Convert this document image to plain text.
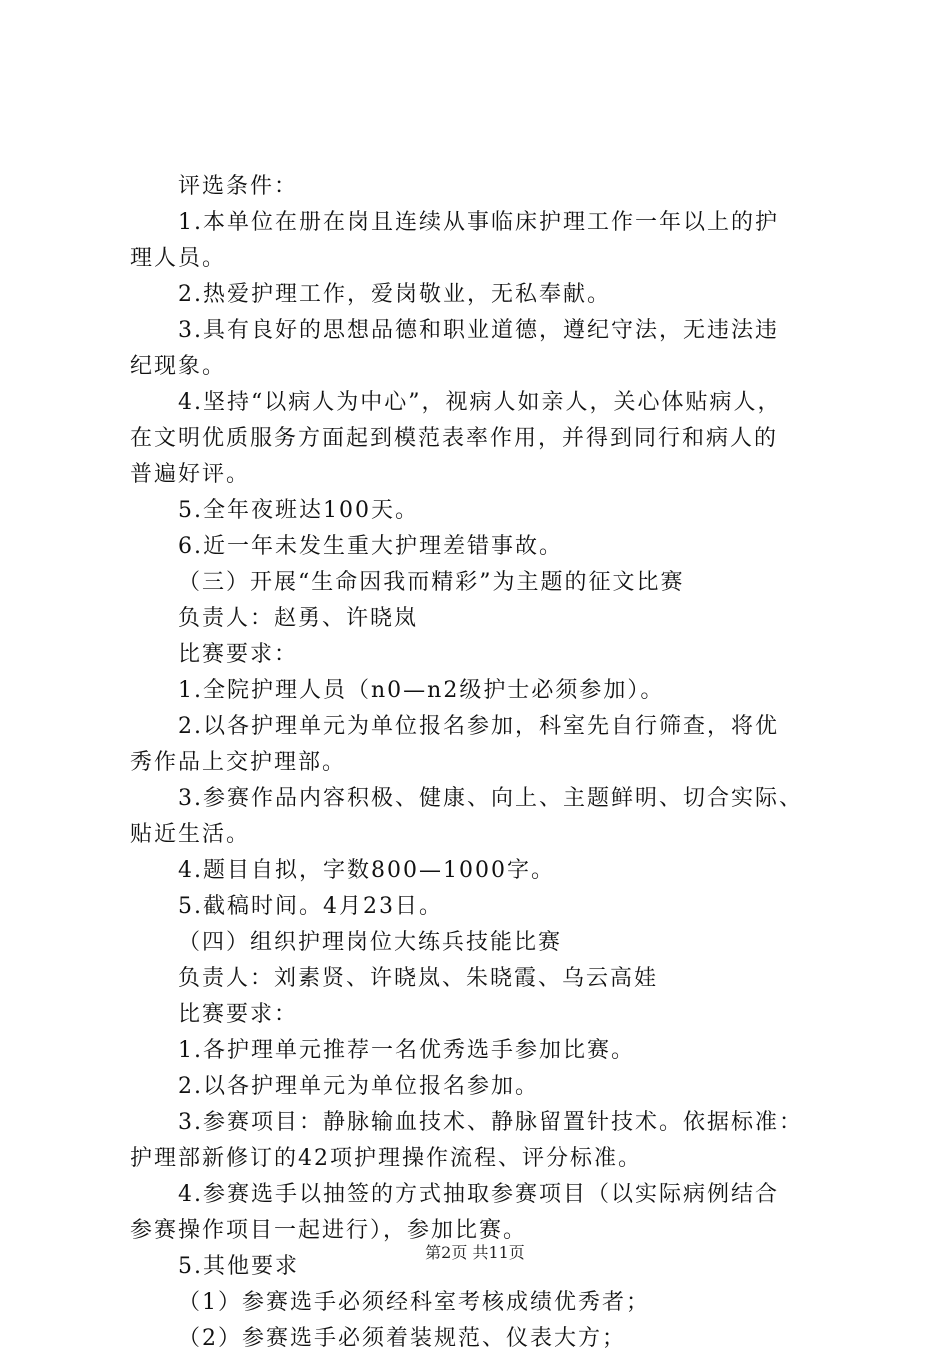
评选条件：
1.本单位在册在岗且连续从事临床护理工作一年以上的护
理人员。
2.热爱护理工作，爱岗敬业，无私奉献。
3.具有良好的思想品德和职业道德，遵纪守法，无违法违
纪现象。
4.坚持“以病人为中心”，视病人如亲人，关心体贴病人，
在文明优质服务方面起到模范表率作用，并得到同行和病人的
普遍好评。
5.全年夜班达100天。
6.近一年未发生重大护理差错事故。
（三）开展“生命因我而精彩”为主题的征文比赛
负责人：赵勇、许晓岚
比赛要求：
1.全院护理人员（n0—n2级护士必须参加）。
2.以各护理单元为单位报名参加，科室先自行筛查，将优
秀作品上交护理部。
3.参赛作品内容积极、健康、向上、主题鲜明、切合实际、
贴近生活。
4.题目自拟，字数800—1000字。
5.截稿时间。4月23日。
（四）组织护理岗位大练兵技能比赛
负责人：刘素贤、许晓岚、朱晓霞、乌云高娃
比赛要求：
1.各护理单元推荐一名优秀选手参加比赛。
2.以各护理单元为单位报名参加。
3.参赛项目：静脉输血技术、静脉留置针技术。依据标准：
护理部新修订的42项护理操作流程、评分标准。
4.参赛选手以抽签的方式抽取参赛项目（以实际病例结合
参赛操作项目一起进行），参加比赛。
5.其他要求
（1）参赛选手必须经科室考核成绩优秀者；
（2）参赛选手必须着装规范、仪表大方；
第2页 共11页
